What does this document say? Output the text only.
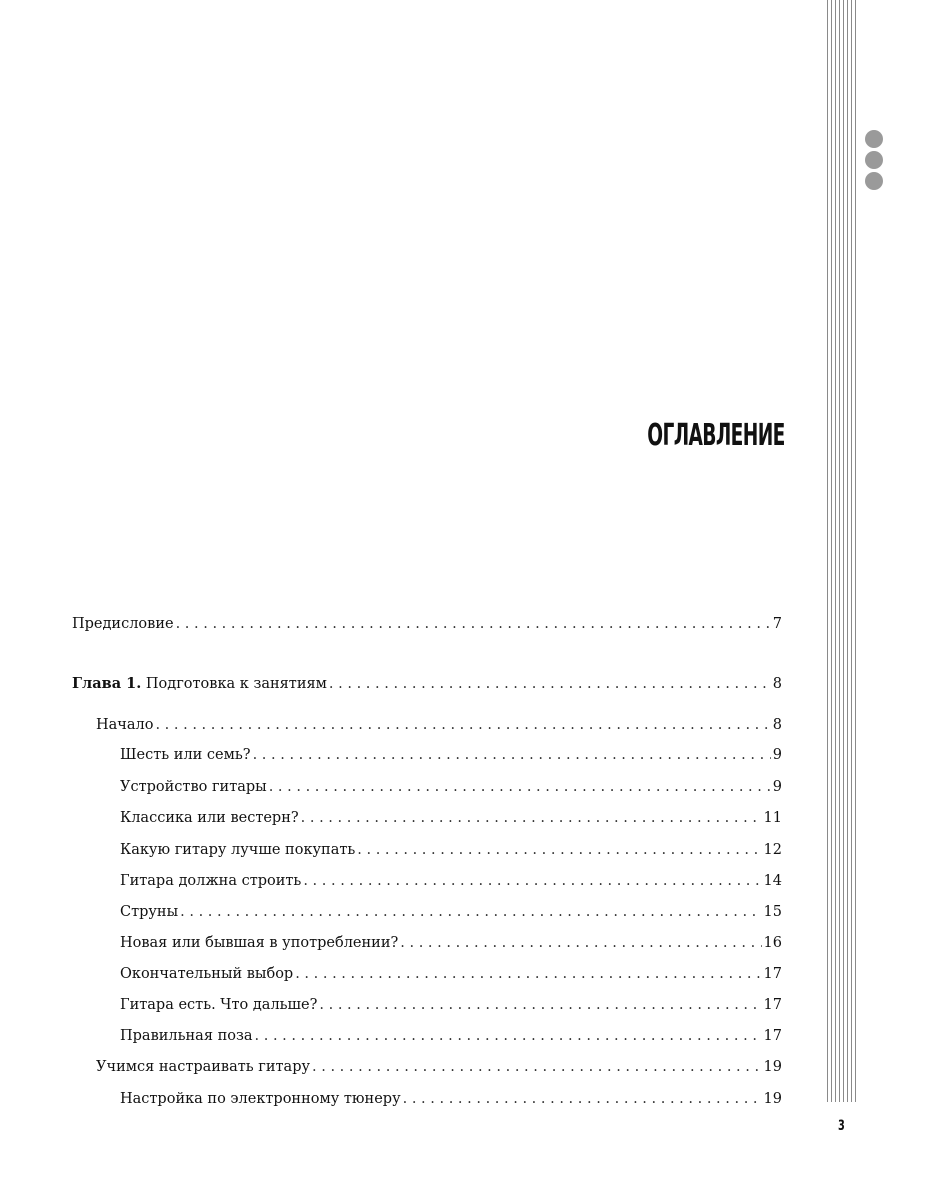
ОГЛАВЛЕНИЕ
Предисловие . . .	7
Глава 1. Подготовка к занятиям . . .	8
Начало . . .	8
Шесть или семь? . . .	9
Устройство гитары . . .	9
Классика или вестерн? . . .	11
Какую гитару лучше покупать . . .	12
Гитара должна строить . . .	14
Струны . . .	15
Новая или бывшая в употреблении? . . .	16
Окончательный выбор . . .	17
Гитара есть. Что дальше? . . .	17
Правильная поза . . .	17
Учимся настраивать гитару . . .	19
Настройка по электронному тюнеру . . .	19
3
